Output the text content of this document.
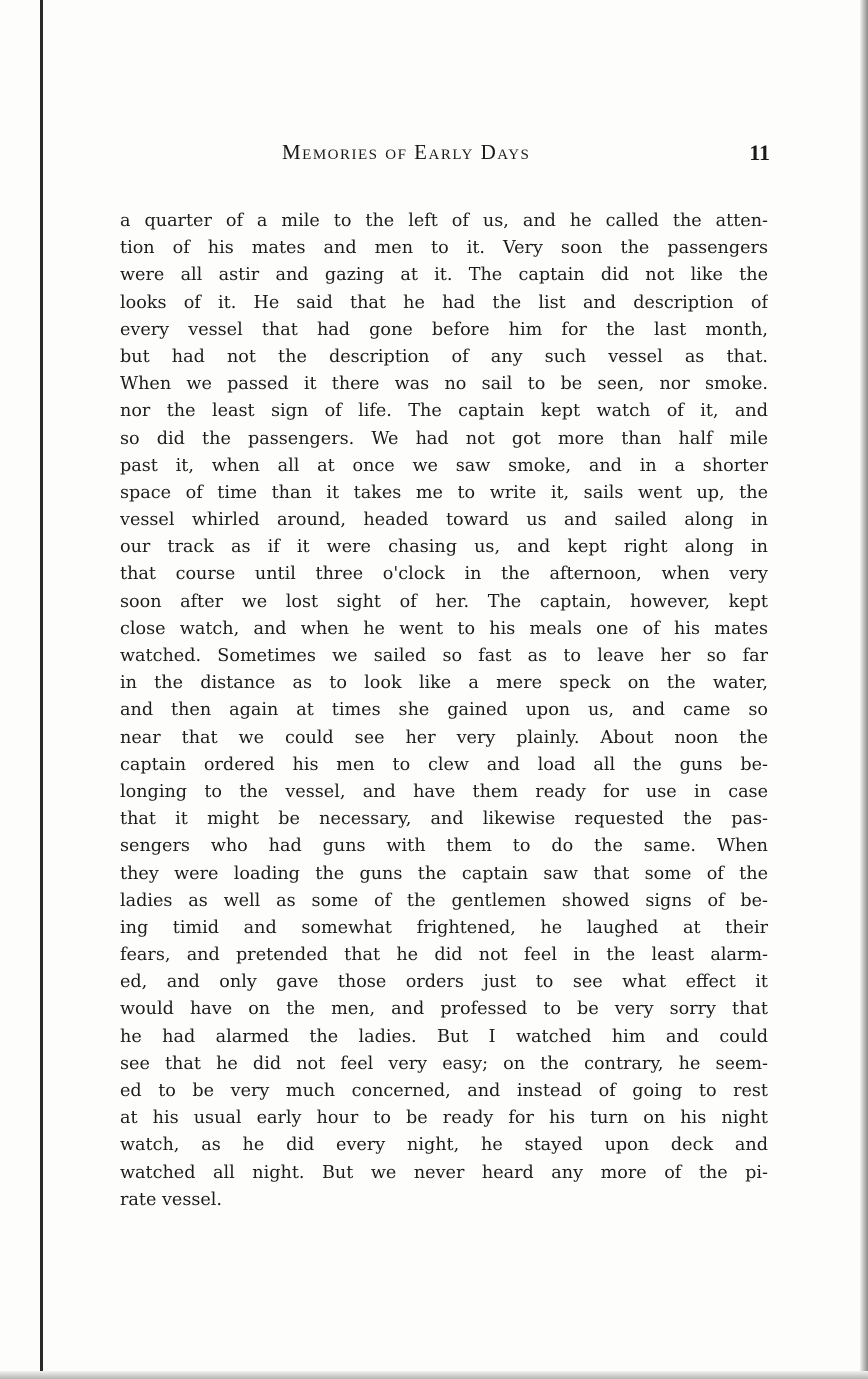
Memories of Early Days	11
a quarter of a mile to the left of us, and he called the atten-
tion of his mates and men to it. Very soon the passengers
were all astir and gazing at it. The captain did not like the
looks of it. He said that he had the list and description of
every vessel that had gone before him for the last month,
but had not the description of any such vessel as that.
When we passed it there was no sail to be seen, nor smoke.
nor the least sign of life. The captain kept watch of it, and
so did the passengers. We had not got more than half mile
past it, when all at once we saw smoke, and in a shorter
space of time than it takes me to write it, sails went up, the
vessel whirled around, headed toward us and sailed along in
our track as if it were chasing us, and kept right along in
that course until three o'clock in the afternoon, when very
soon after we lost sight of her. The captain, however, kept
close watch, and when he went to his meals one of his mates
watched. Sometimes we sailed so fast as to leave her so far
in the distance as to look like a mere speck on the water,
and then again at times she gained upon us, and came so
near that we could see her very plainly. About noon the
captain ordered his men to clew and load all the guns be-
longing to the vessel, and have them ready for use in case
that it might be necessary, and likewise requested the pas-
sengers who had guns with them to do the same. When
they were loading the guns the captain saw that some of the
ladies as well as some of the gentlemen showed signs of be-
ing timid and somewhat frightened, he laughed at their
fears, and pretended that he did not feel in the least alarm-
ed, and only gave those orders just to see what effect it
would have on the men, and professed to be very sorry that
he had alarmed the ladies. But I watched him and could
see that he did not feel very easy; on the contrary, he seem-
ed to be very much concerned, and instead of going to rest
at his usual early hour to be ready for his turn on his night
watch, as he did every night, he stayed upon deck and
watched all night. But we never heard any more of the pi-
rate vessel.
